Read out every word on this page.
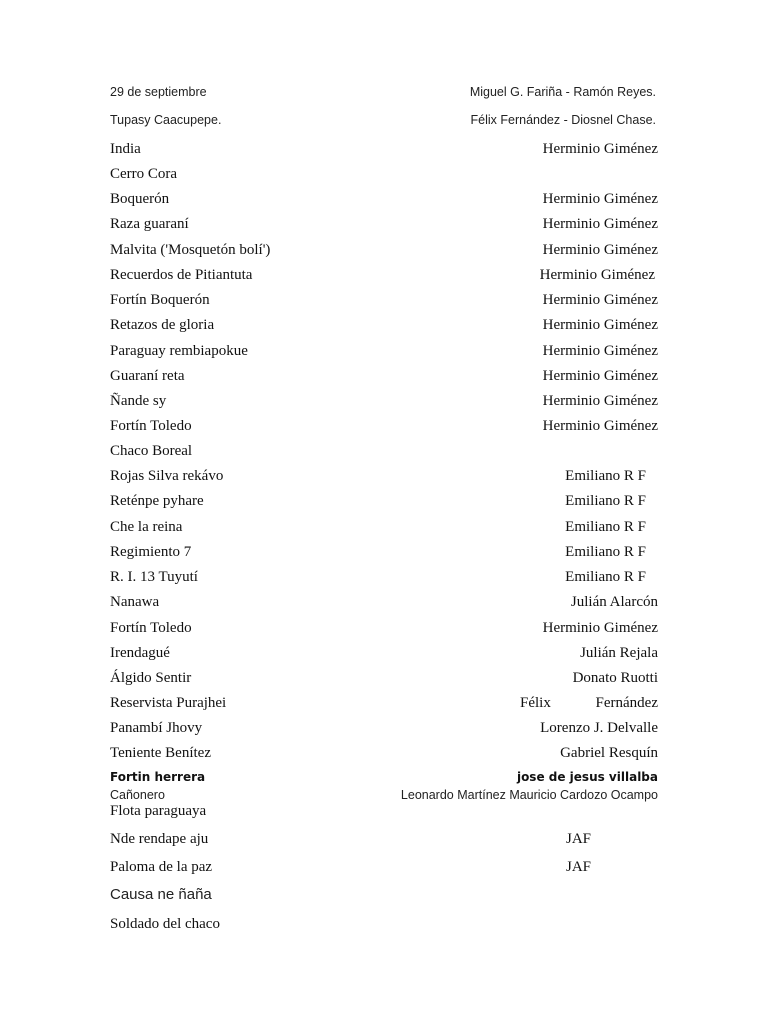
29 de septiembre	Miguel G. Fariña - Ramón Reyes.
Tupasy Caacupepe.	Félix Fernández - Diosnel Chase.
India	Herminio Giménez
Cerro Cora
Boquerón	Herminio Giménez
Raza guaraní	Herminio Giménez
Malvita ('Mosquetón bolí')	Herminio Giménez
Recuerdos de Pitiantuta	Herminio Giménez
Fortín Boquerón	Herminio Giménez
Retazos de gloria	Herminio Giménez
Paraguay rembiapokue	Herminio Giménez
Guaraní reta	Herminio Giménez
Ñande sy	Herminio Giménez
Fortín Toledo	Herminio Giménez
Chaco Boreal
Rojas Silva rekávo	Emiliano R F
Reténpe pyhare	Emiliano R F
Che la reina	Emiliano R F
Regimiento 7	Emiliano R F
R. I. 13 Tuyutí	Emiliano R F
Nanawa	Julián Alarcón
Fortín Toledo	Herminio Giménez
Irendagué	Julián Rejala
Álgido Sentir	Donato Ruotti
Reservista Purajhei	Félix	Fernández
Panambí Jhovy	Lorenzo J. Delvalle
Teniente Benítez	Gabriel Resquín
Fortin herrera	jose de jesus villalba
Cañonero	Leonardo Martínez Mauricio Cardozo Ocampo
Flota paraguaya
Nde rendape aju	JAF
Paloma de la paz	JAF
Causa ne ñaña
Soldado del chaco
